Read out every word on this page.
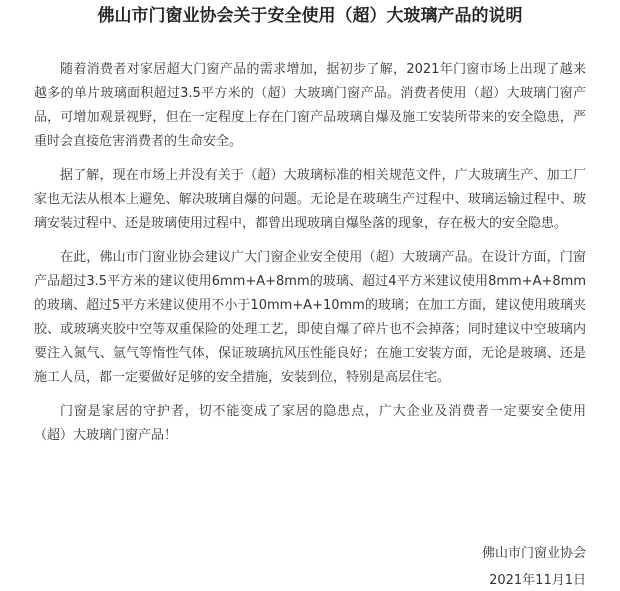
佛山市门窗业协会关于安全使用（超）大玻璃产品的说明

随着消费者对家居超大门窗产品的需求增加，据初步了解，2021年门窗市场上出现了越来越多的单片玻璃面积超过3.5平方米的（超）大玻璃门窗产品。消费者使用（超）大玻璃门窗产品，可增加观景视野，但在一定程度上存在门窗产品玻璃自爆及施工安装所带来的安全隐患，严重时会直接危害消费者的生命安全。

据了解，现在市场上并没有关于（超）大玻璃标准的相关规范文件，广大玻璃生产、加工厂家也无法从根本上避免、解决玻璃自爆的问题。无论是在玻璃生产过程中、玻璃运输过程中、玻璃安装过程中、还是玻璃使用过程中，都曾出现玻璃自爆坠落的现象，存在极大的安全隐患。

在此，佛山市门窗业协会建议广大门窗企业安全使用（超）大玻璃产品。在设计方面，门窗产品超过3.5平方米的建议使用6mm+A+8mm的玻璃、超过4平方米建议使用8mm+A+8mm的玻璃、超过5平方米建议使用不小于10mm+A+10mm的玻璃；在加工方面，建议使用玻璃夹胶、或玻璃夹胶中空等双重保险的处理工艺，即使自爆了碎片也不会掉落；同时建议中空玻璃内要注入氮气、氩气等惰性气体，保证玻璃抗风压性能良好；在施工安装方面，无论是玻璃、还是施工人员，都一定要做好足够的安全措施，安装到位，特别是高层住宅。

门窗是家居的守护者，切不能变成了家居的隐患点，广大企业及消费者一定要安全使用（超）大玻璃门窗产品！

佛山市门窗业协会
2021年11月1日
